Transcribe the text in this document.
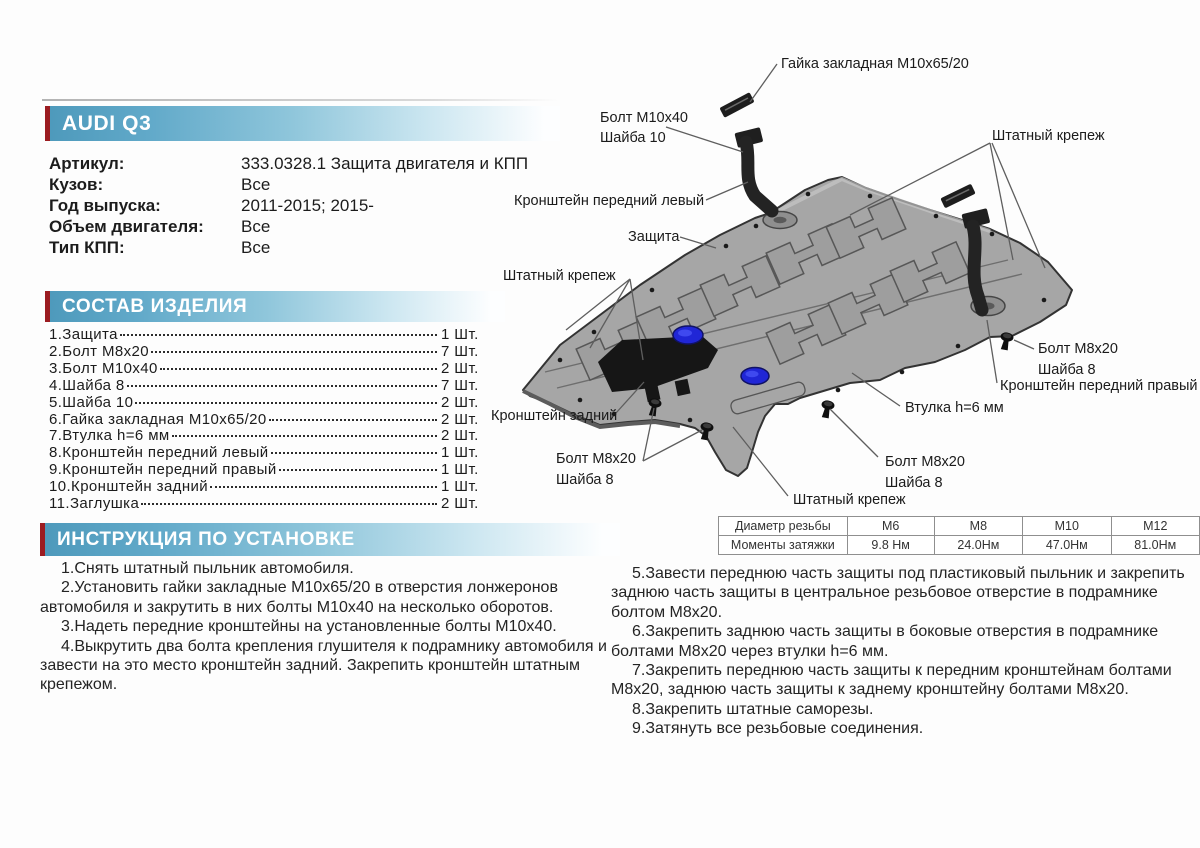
AUDI Q3
Артикул:	333.0328.1 Защита двигателя и КПП
Кузов:	Все
Год выпуска:	2011-2015; 2015-
Объем двигателя:	Все
Тип КПП:	Все
СОСТАВ ИЗДЕЛИЯ
1.Защита	1 Шт.
2.Болт М8х20	7 Шт.
3.Болт М10х40	2 Шт.
4.Шайба 8	7 Шт.
5.Шайба 10	2 Шт.
6.Гайка закладная М10х65/20	2 Шт.
7.Втулка h=6 мм	2 Шт.
8.Кронштейн передний левый	1 Шт.
9.Кронштейн передний правый	1 Шт.
10.Кронштейн задний	1 Шт.
11.Заглушка	2 Шт.
ИНСТРУКЦИЯ ПО УСТАНОВКЕ

1.Снять штатный пыльник автомобиля.

2.Установить гайки закладные М10х65/20 в отверстия лонжеронов автомобиля и закрутить в них болты М10х40 на несколько оборотов.

3.Надеть передние кронштейны на установленные болты М10х40.

4.Выкрутить два болта крепления глушителя к подрамнику автомобиля и завести на это место кронштейн задний. Закрепить кронштейн штатным крепежом.

5.Завести переднюю часть защиты под пластиковый пыльник и закрепить заднюю часть защиты в центральное резьбовое отверстие в подрамнике болтом М8х20.

6.Закрепить заднюю часть защиты в боковые отверстия в подрамнике болтами М8х20 через втулки h=6 мм.

7.Закрепить переднюю часть защиты к передним кронштейнам болтами М8х20, заднюю часть защиты к заднему кронштейну болтами М8х20.

8.Закрепить штатные саморезы.

9.Затянуть все резьбовые соединения.

Диаметр резьбы	М6	М8	М10	М12
Моменты затяжки	9.8 Нм	24.0Нм	47.0Нм	81.0Нм
Гайка закладная М10х65/20
Болт М10х40
Шайба 10	Штатный крепеж
Кронштейн передний левый
Защита
Штатный крепеж
Кронштейн задний
Болт М8х20
Шайба 8
Штатный крепеж
Втулка h=6 мм
Болт М8х20
Шайба 8
Болт М8х20
Шайба 8
Кронштейн передний правый
